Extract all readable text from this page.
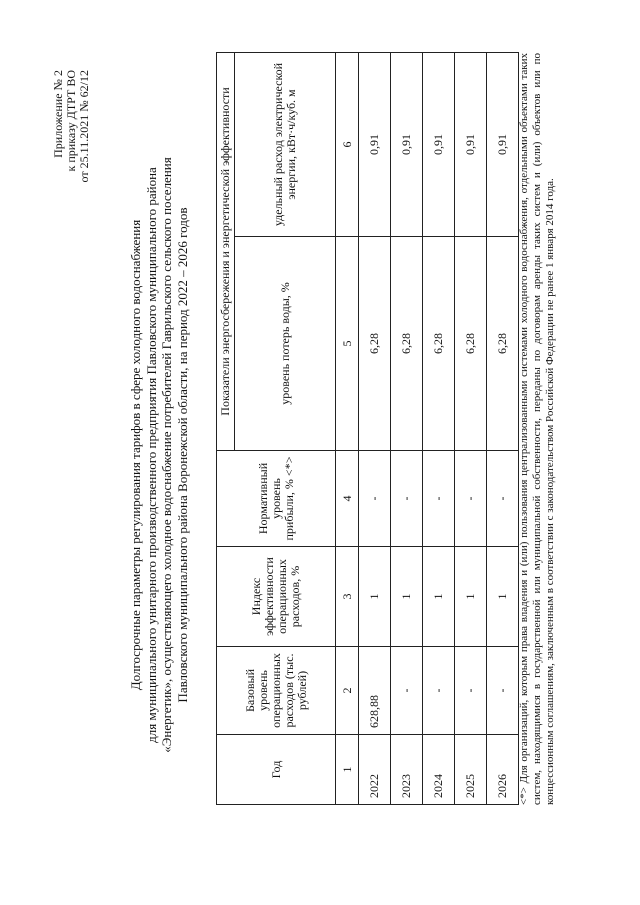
Приложение № 2 к приказу ДТРТ ВО от 25.11.2021 № 62/12
Долгосрочные параметры регулирования тарифов в сфере холодного водоснабжения для муниципального унитарного производственного предприятия Павловского муниципального района «Энергетик», осуществляющего холодное водоснабжение потребителей Гаврильского сельского поселения Павловского муниципального района Воронежской области, на период 2022 – 2026 годов
Год	Базовый уровень операционных расходов (тыс. рублей)	Индекс эффективности операционных расходов, %	Нормативный уровень прибыли, % <*>	Показатели энергосбережения и энергетической эффективности	
				уровень потерь воды, %	удельный расход электрической энергии, кВт·ч/куб. м
1	2	3	4	5	6
2022	628,88	1	-	6,28	0,91
2023	-	1	-	6,28	0,91
2024	-	1	-	6,28	0,91
2025	-	1	-	6,28	0,91
2026	-	1	-	6,28	0,91 <*> Для организаций, которым права владения и (или) пользования централизованными системами холодного водоснабжения, отдельными объектами таких систем, находящимися в государственной или муниципальной собственности, переданы по договорам аренды таких систем и (или) объектов или по концессионным соглашениям, заключенным в соответствии с законодательством Российской Федерации не ранее 1 января 2014 года.
